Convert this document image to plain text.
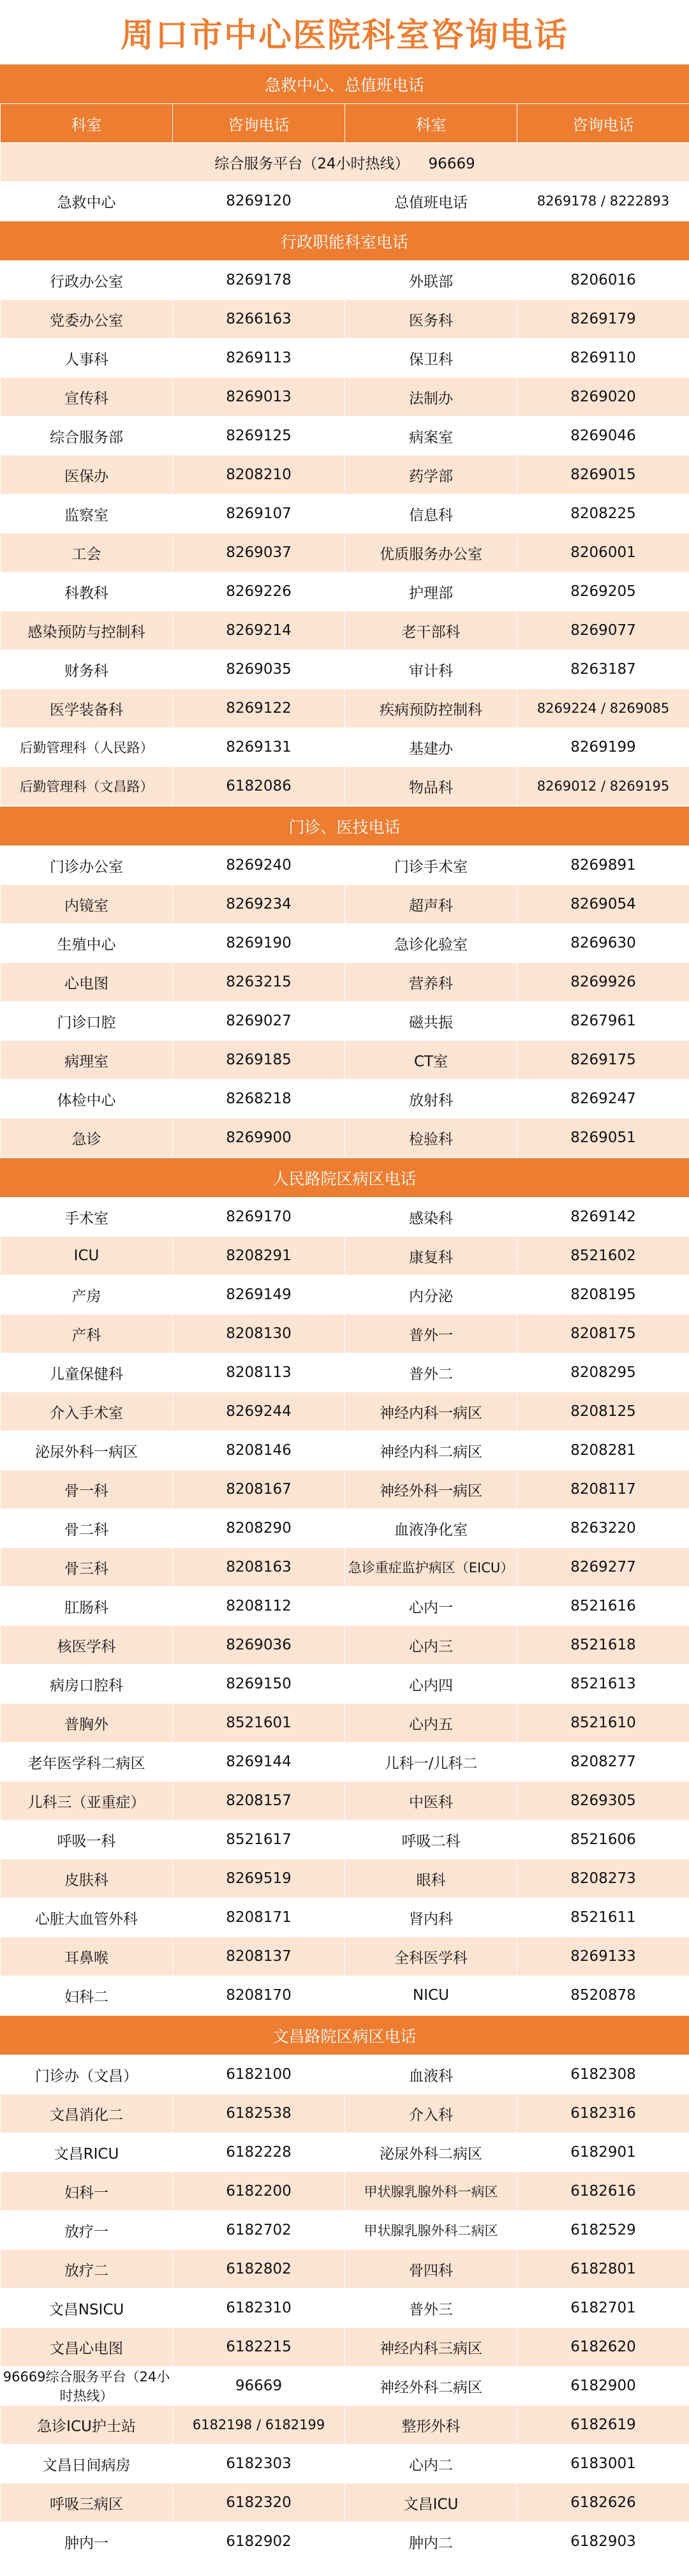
周口市中心医院科室咨询电话
急救中心、总值班电话
科室	咨询电话	科室	咨询电话
综合服务平台（24小时热线） 96669			
急救中心	8269120	总值班电话	8269178 / 8222893
行政职能科室电话
行政办公室	8269178	外联部	8206016
党委办公室	8266163	医务科	8269179
人事科	8269113	保卫科	8269110
宣传科	8269013	法制办	8269020
综合服务部	8269125	病案室	8269046
医保办	8208210	药学部	8269015
监察室	8269107	信息科	8208225
工会	8269037	优质服务办公室	8206001
科教科	8269226	护理部	8269205
感染预防与控制科	8269214	老干部科	8269077
财务科	8269035	审计科	8263187
医学装备科	8269122	疾病预防控制科	8269224 / 8269085
后勤管理科（人民路）	8269131	基建办	8269199
后勤管理科（文昌路）	6182086	物品科	8269012 / 8269195
门诊、医技电话
门诊办公室	8269240	门诊手术室	8269891
内镜室	8269234	超声科	8269054
生殖中心	8269190	急诊化验室	8269630
心电图	8263215	营养科	8269926
门诊口腔	8269027	磁共振	8267961
病理室	8269185	CT室	8269175
体检中心	8268218	放射科	8269247
急诊	8269900	检验科	8269051
人民路院区病区电话
手术室	8269170	感染科	8269142
ICU	8208291	康复科	8521602
产房	8269149	内分泌	8208195
产科	8208130	普外一	8208175
儿童保健科	8208113	普外二	8208295
介入手术室	8269244	神经内科一病区	8208125
泌尿外科一病区	8208146	神经内科二病区	8208281
骨一科	8208167	神经外科一病区	8208117
骨二科	8208290	血液净化室	8263220
骨三科	8208163	急诊重症监护病区（EICU）	8269277
肛肠科	8208112	心内一	8521616
核医学科	8269036	心内三	8521618
病房口腔科	8269150	心内四	8521613
普胸外	8521601	心内五	8521610
老年医学科二病区	8269144	儿科一/儿科二	8208277
儿科三（亚重症）	8208157	中医科	8269305
呼吸一科	8521617	呼吸二科	8521606
皮肤科	8269519	眼科	8208273
心脏大血管外科	8208171	肾内科	8521611
耳鼻喉	8208137	全科医学科	8269133
妇科二	8208170	NICU	8520878
文昌路院区病区电话
门诊办（文昌）	6182100	血液科	6182308
文昌消化二	6182538	介入科	6182316
文昌RICU	6182228	泌尿外科二病区	6182901
妇科一	6182200	甲状腺乳腺外科一病区	6182616
放疗一	6182702	甲状腺乳腺外科二病区	6182529
放疗二	6182802	骨四科	6182801
文昌NSICU	6182310	普外三	6182701
文昌心电图	6182215	神经内科三病区	6182620
96669综合服务平台（24小时热线）	96669	神经外科二病区	6182900
急诊ICU护士站	6182198 / 6182199	整形外科	6182619
文昌日间病房	6182303	心内二	6183001
呼吸三病区	6182320	文昌ICU	6182626
肿内一	6182902	肿内二	6182903
